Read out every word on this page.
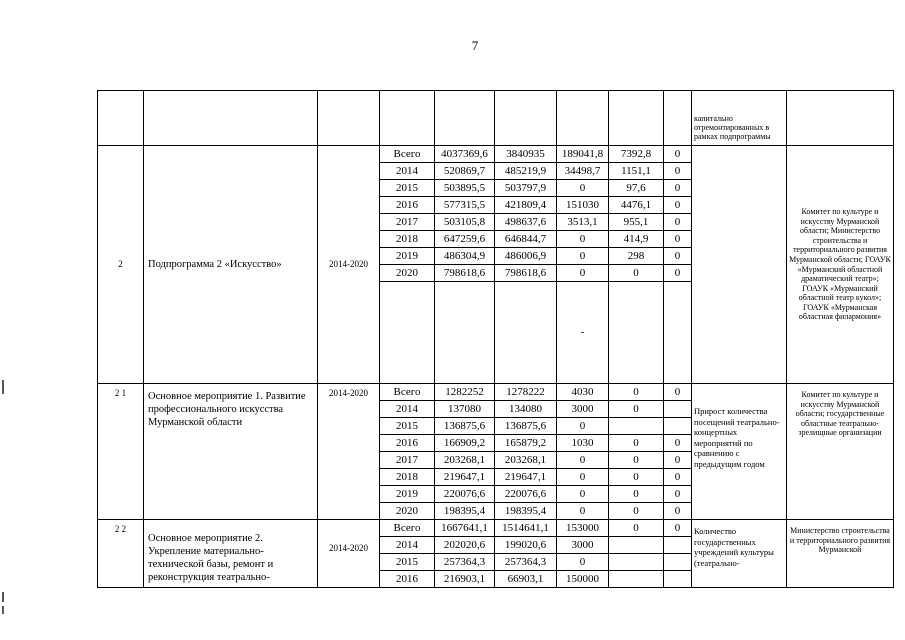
7
									капитально отремонтированных в рамках подпрограммы	
2	Подпрограмма 2 «Искусство»	2014-2020	Всего	4037369,6	3840935	189041,8	7392,8	0		Комитет по культуре и искусству Мурманской области; Министерство строительства и территориального развития Мурманской области; ГОАУК «Мурманский областной драматический театр»; ГОАУК «Мурманский областной театр кукол»; ГОАУК «Мурманская областная филармония»
			2014	520869,7	485219,9	34498,7	1151,1	0		
			2015	503895,5	503797,9	0	97,6	0		
			2016	577315,5	421809,4	151030	4476,1	0		
			2017	503105,8	498637,6	3513,1	955,1	0		
			2018	647259,6	646844,7	0	414,9	0		
			2019	486304,9	486006,9	0	298	0		
			2020	798618,6	798618,6	0	0	0		
						-				
2 1	Основное мероприятие 1. Развитие профессионального искусства Мурманской области	2014-2020	Всего	1282252	1278222	4030	0	0	Прирост количества посещений театрально-концертных мероприятий по сравнению с предыдущим годом	Комитет по культуре и искусству Мурманской области; государственные областные театрально-зрелищные организации
			2014	137080	134080	3000	0			
			2015	136875,6	136875,6	0				
			2016	166909,2	165879,2	1030	0	0		
			2017	203268,1	203268,1	0	0	0		
			2018	219647,1	219647,1	0	0	0		
			2019	220076,6	220076,6	0	0	0		
			2020	198395,4	198395,4	0	0	0		
2 2	Основное мероприятие 2. Укрепление материально-технической базы, ремонт и реконструкция театрально-	2014-2020	Всего	1667641,1	1514641,1	153000	0	0	Количество государственных учреждений культуры (театрально-	Министерство строительства и территориального развития Мурманской
			2014	202020,6	199020,6	3000				
			2015	257364,3	257364,3	0				
			2016	216903,1	66903,1	150000				
